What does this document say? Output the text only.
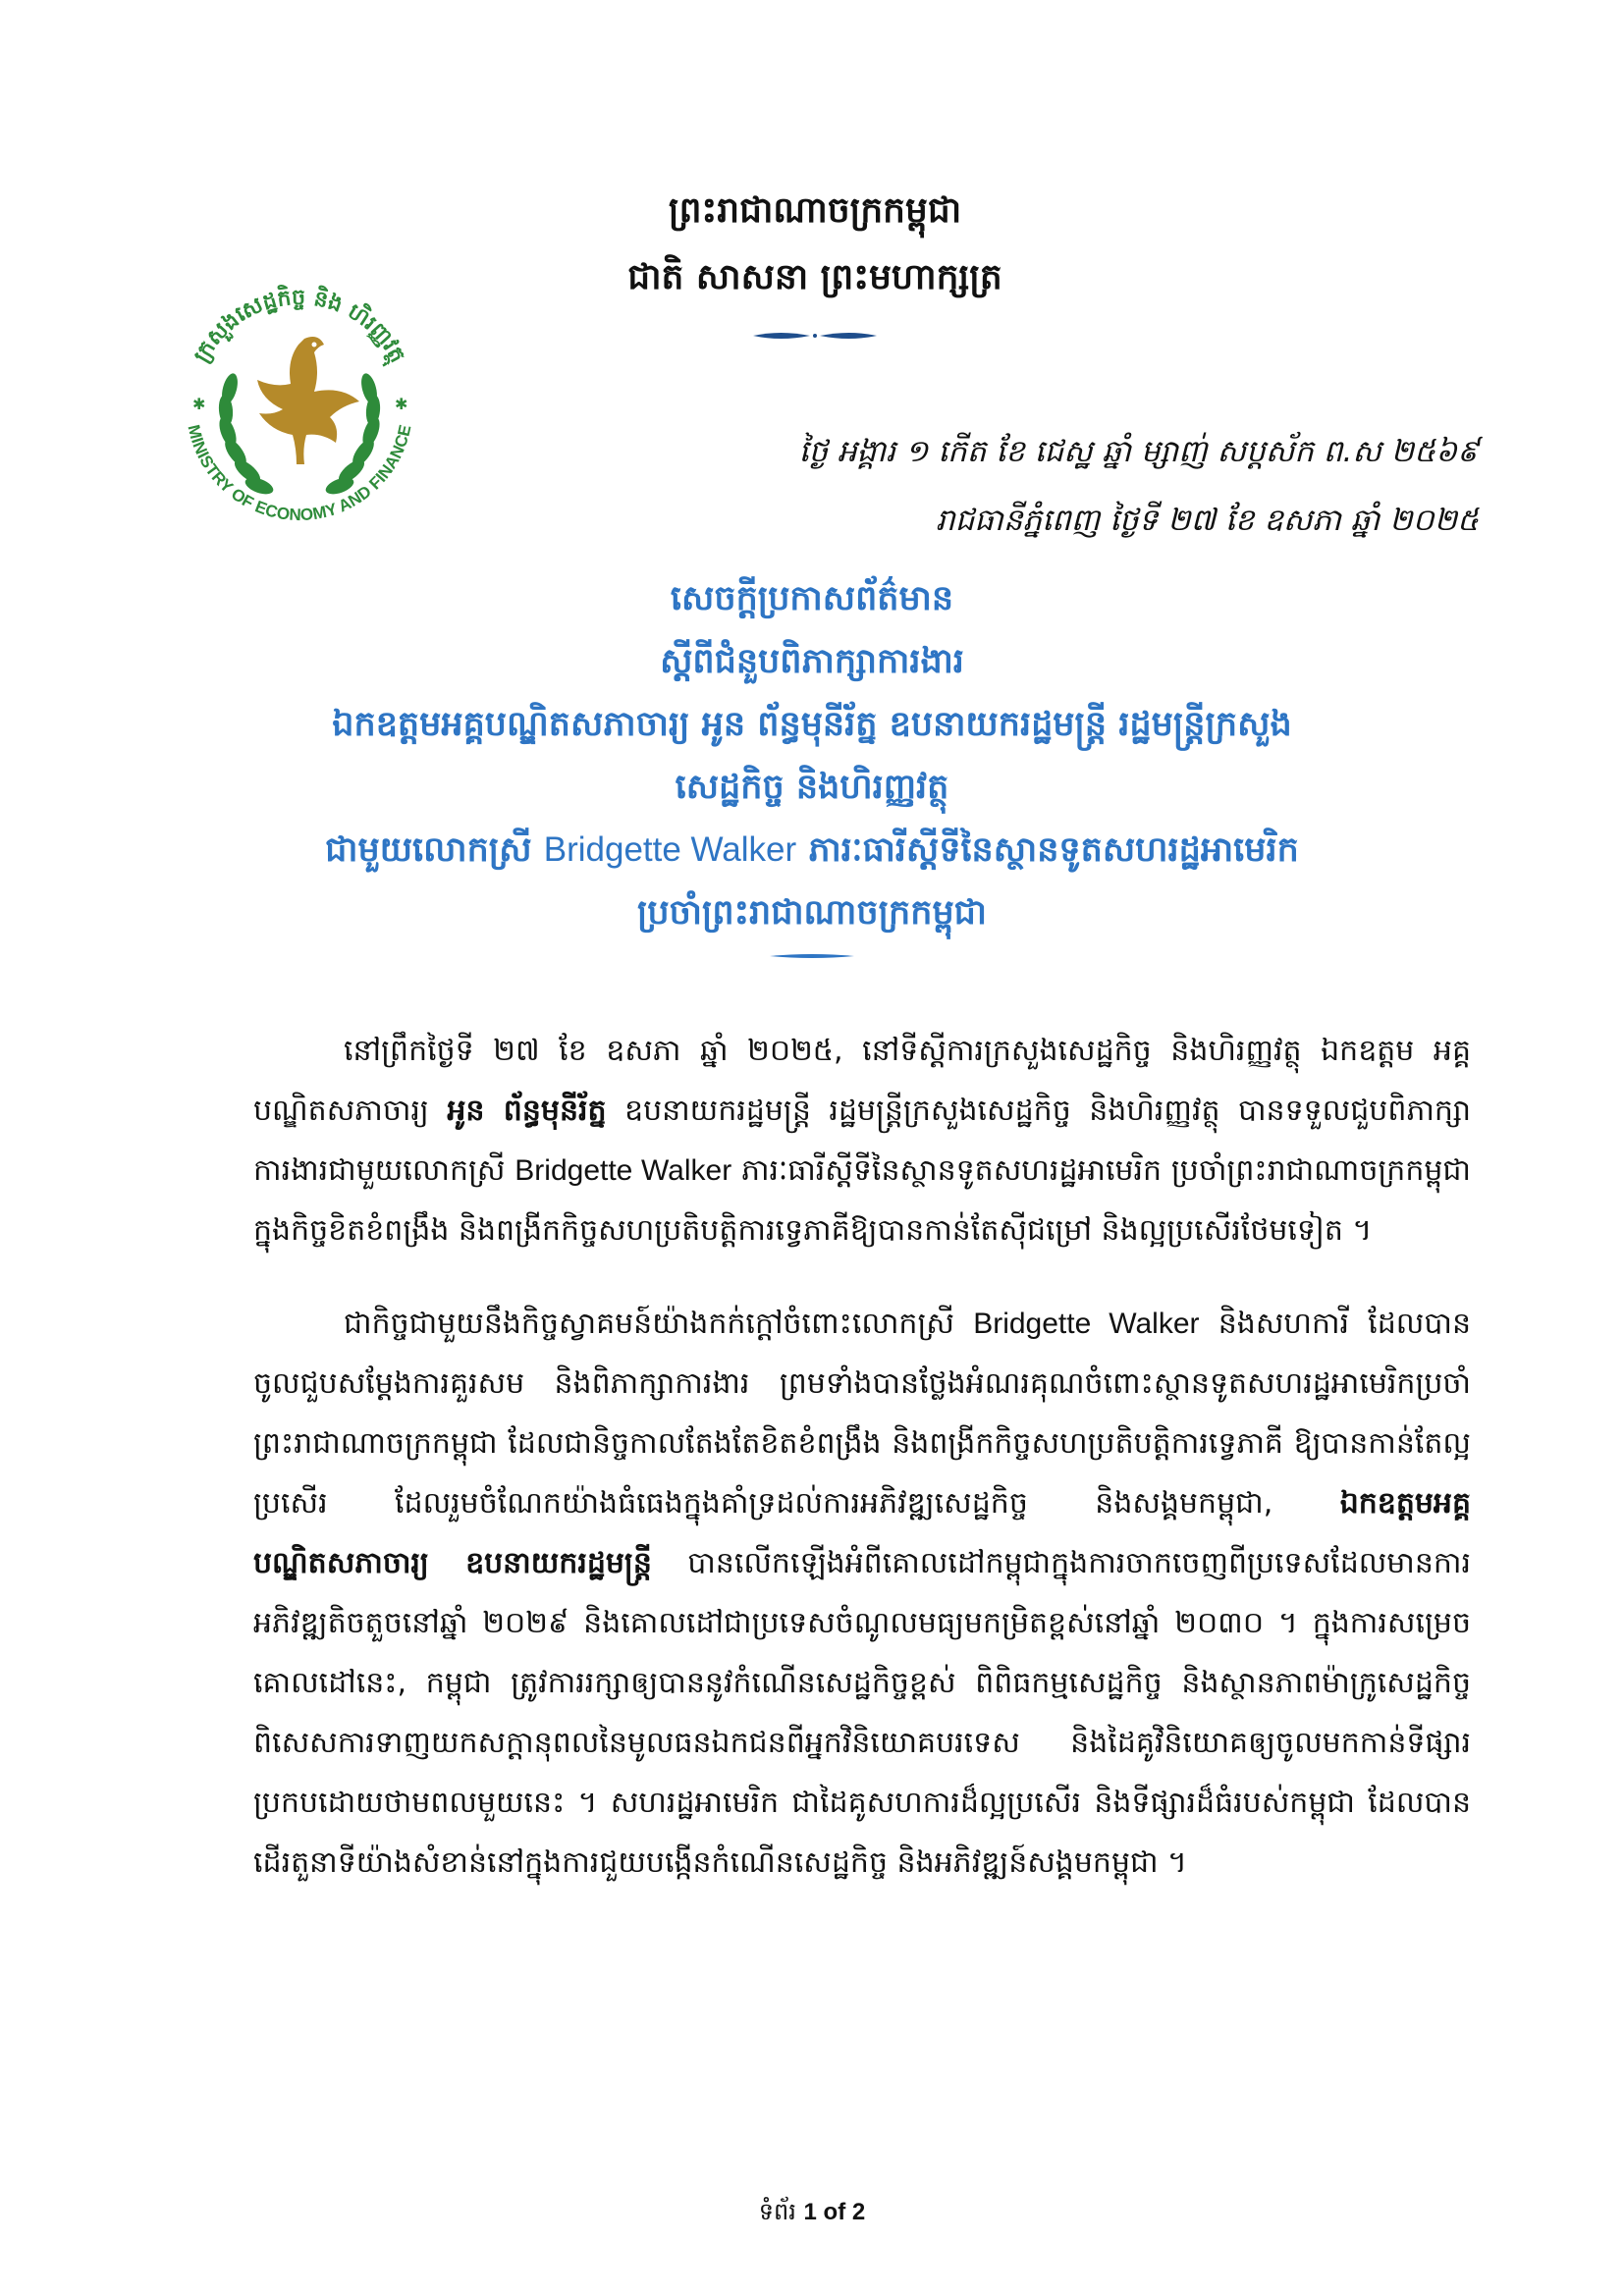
ក្រសួងសេដ្ឋកិច្ច និង ហិរញ្ញវត្ថុ
MINISTRY OF ECONOMY AND FINANCE
✱	✱
ព្រះរាជាណាចក្រកម្ពុជា
ជាតិ សាសនា ព្រះមហាក្សត្រ
ថ្ងៃ អង្គារ ១ កើត ខែ ជេស្ឋ ឆ្នាំ ម្សាញ់ សប្តស័ក ព.ស ២៥៦៩
រាជធានីភ្នំពេញ ថ្ងៃទី ២៧ ខែ ឧសភា ឆ្នាំ ២០២៥
សេចក្តីប្រកាសព័ត៌មាន
ស្តីពីជំនួបពិភាក្សាការងារ
ឯកឧត្តមអគ្គបណ្ឌិតសភាចារ្យ អូន ព័ន្ធមុនីរ័ត្ន ឧបនាយករដ្ឋមន្ត្រី រដ្ឋមន្ត្រីក្រសួង
សេដ្ឋកិច្ច និងហិរញ្ញវត្ថុ
ជាមួយលោកស្រី Bridgette Walker ភារៈធារីស្តីទីនៃស្ថានទូតសហរដ្ឋអាមេរិក
ប្រចាំព្រះរាជាណាចក្រកម្ពុជា

នៅព្រឹកថ្ងៃទី ២៧ ខែ ឧសភា ឆ្នាំ ២០២៥, នៅទីស្តីការក្រសួងសេដ្ឋកិច្ច និងហិរញ្ញវត្ថុ ឯកឧត្តម អគ្គបណ្ឌិតសភាចារ្យ អូន ព័ន្ធមុនីរ័ត្ន ឧបនាយករដ្ឋមន្ត្រី រដ្ឋមន្ត្រីក្រសួងសេដ្ឋកិច្ច និងហិរញ្ញវត្ថុ បានទទួលជួបពិភាក្សាការងារជាមួយលោកស្រី Bridgette Walker ភារៈធារីស្តីទីនៃស្ថានទូតសហរដ្ឋអាមេរិក ប្រចាំព្រះរាជាណាចក្រកម្ពុជា ក្នុងកិច្ចខិតខំពង្រឹង និងពង្រីកកិច្ចសហប្រតិបត្តិការទ្វេភាគីឱ្យបានកាន់តែស៊ីជម្រៅ និងល្អប្រសើរថែមទៀត ។

ជាកិច្ចជាមួយនឹងកិច្ចស្វាគមន៍យ៉ាងកក់ក្តៅចំពោះលោកស្រី Bridgette Walker និងសហការី ដែលបានចូលជួបសម្តែងការគួរសម និងពិភាក្សាការងារ ព្រមទាំងបានថ្លែងអំណរគុណចំពោះស្ថានទូតសហរដ្ឋអាមេរិកប្រចាំព្រះរាជាណាចក្រកម្ពុជា ដែលជានិច្ចកាលតែងតែខិតខំពង្រឹង និងពង្រីកកិច្ចសហប្រតិបត្តិការទ្វេភាគី ឱ្យបានកាន់តែល្អ ប្រសើរ ដែលរួមចំណែកយ៉ាងធំធេងក្នុងគាំទ្រដល់ការអភិវឌ្ឍសេដ្ឋកិច្ច និងសង្គមកម្ពុជា, ឯកឧត្តមអគ្គបណ្ឌិតសភាចារ្យ ឧបនាយករដ្ឋមន្ត្រី បានលើកឡើងអំពីគោលដៅកម្ពុជាក្នុងការចាកចេញពីប្រទេសដែលមានការអភិវឌ្ឍតិចតួចនៅឆ្នាំ ២០២៩ និងគោលដៅជាប្រទេសចំណូលមធ្យមកម្រិតខ្ពស់នៅឆ្នាំ ២០៣០ ។ ក្នុងការសម្រេចគោលដៅនេះ, កម្ពុជា ត្រូវការរក្សាឲ្យបាននូវកំណើនសេដ្ឋកិច្ចខ្ពស់ ពិពិធកម្មសេដ្ឋកិច្ច និងស្ថានភាពម៉ាក្រូសេដ្ឋកិច្ច ពិសេសការទាញយកសក្តានុពលនៃមូលធនឯកជនពីអ្នកវិនិយោគបរទេស និងដៃគូវិនិយោគឲ្យចូលមកកាន់ទីផ្សារប្រកបដោយថាមពលមួយនេះ ។ សហរដ្ឋអាមេរិក ជាដៃគូសហការដ៏ល្អប្រសើរ និងទីផ្សារដ៏ធំរបស់កម្ពុជា ដែលបានដើរតួនាទីយ៉ាងសំខាន់នៅក្នុងការជួយបង្កើនកំណើនសេដ្ឋកិច្ច និងអភិវឌ្ឍន៍សង្គមកម្ពុជា ។

ទំព័រ 1 of 2
